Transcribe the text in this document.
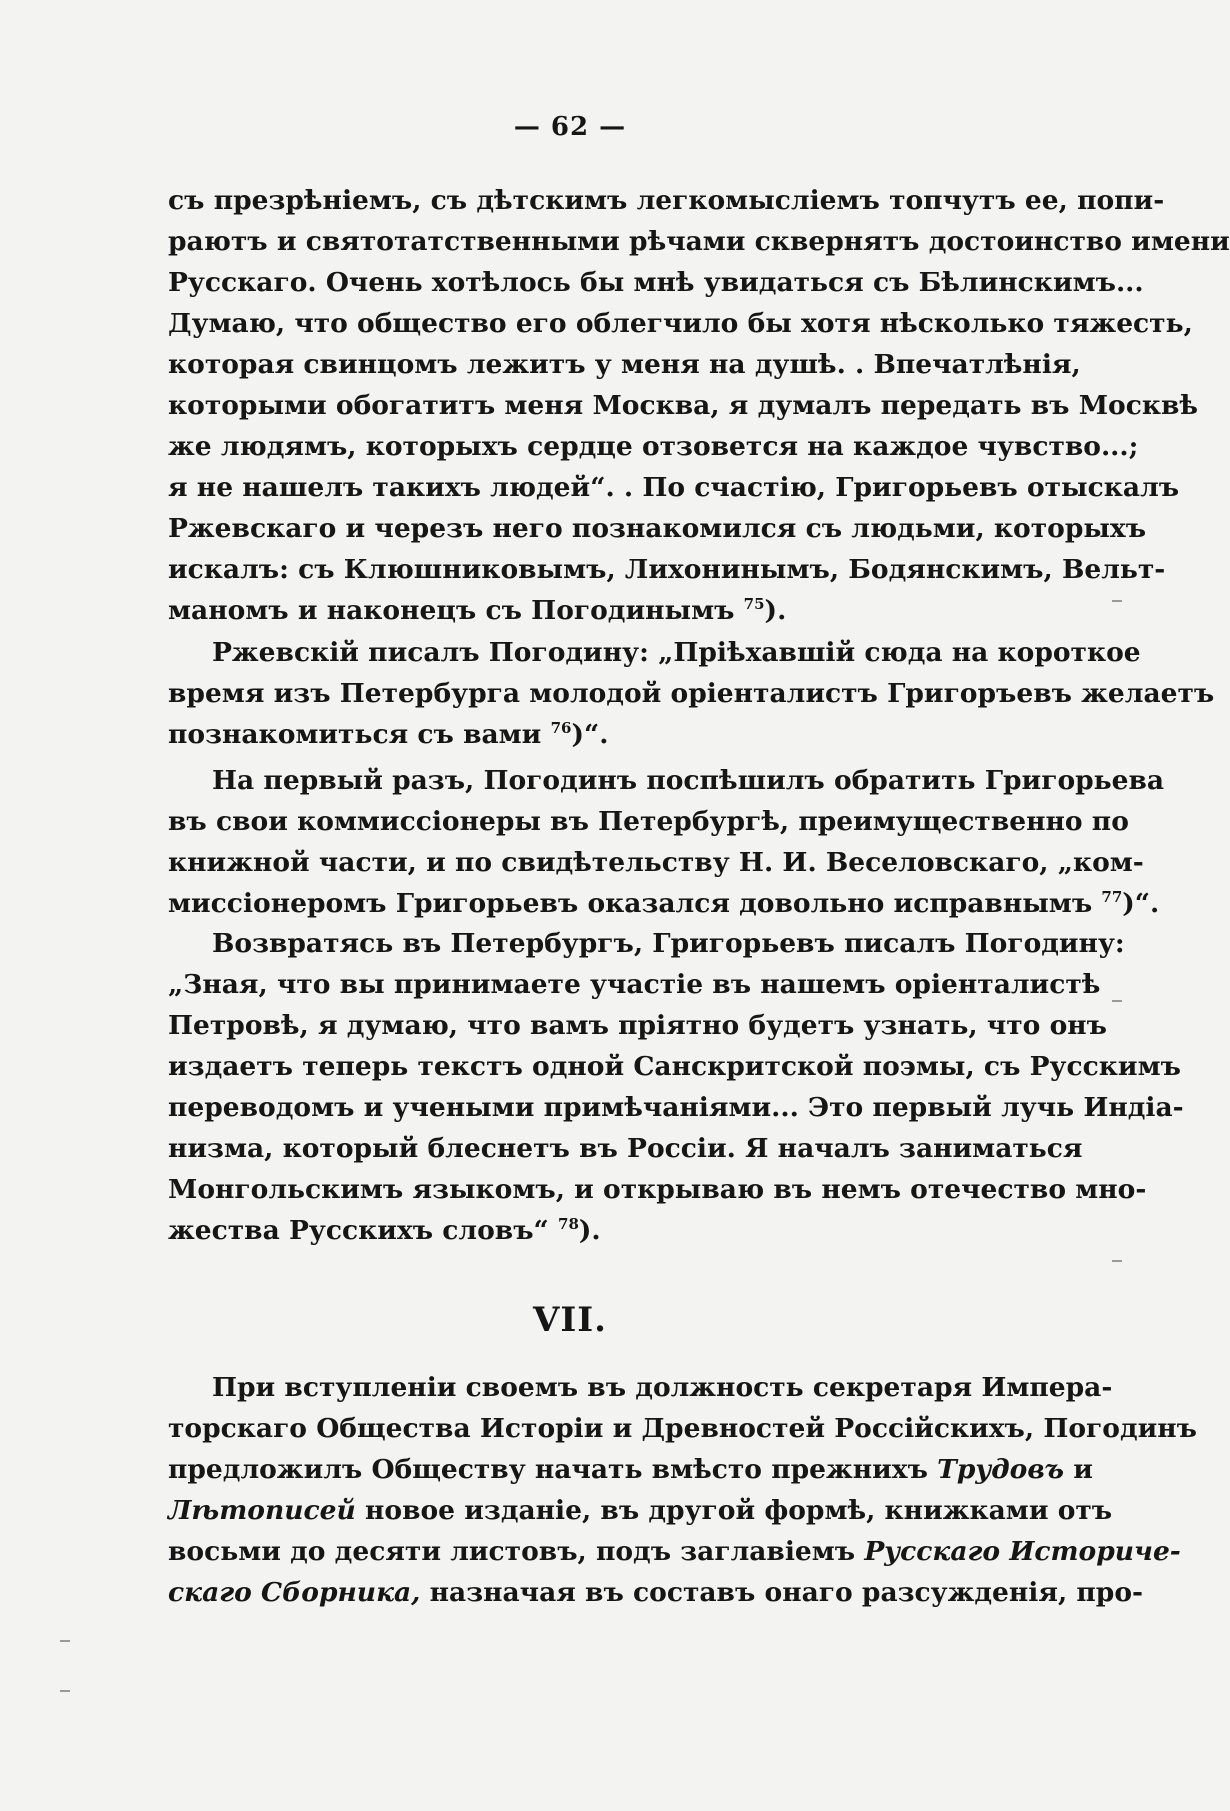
— 62 —
съ презрѣніемъ, съ дѣтскимъ легкомысліемъ топчутъ ее, попи-
раютъ и святотатственными рѣчами сквернятъ достоинство имени
Русскаго. Очень хотѣлось бы мнѣ увидаться съ Бѣлинскимъ...
Думаю, что общество его облегчило бы хотя нѣсколько тяжесть,
которая свинцомъ лежитъ у меня на душѣ. . Впечатлѣнія,
которыми обогатитъ меня Москва, я думалъ передать въ Москвѣ
же людямъ, которыхъ сердце отзовется на каждое чувство...;
я не нашелъ такихъ людей“. . По счастію, Григорьевъ отыскалъ
Ржевскаго и черезъ него познакомился съ людьми, которыхъ
искалъ: съ Клюшниковымъ, Лихонинымъ, Бодянскимъ, Вельт-
маномъ и наконецъ съ Погодинымъ $^{75}$).
Ржевскій писалъ Погодину: „Пріѣхавшій сюда на короткое
время изъ Петербурга молодой оріенталистъ Григоръевъ желаетъ
познакомиться съ вами $^{76}$)“.
На первый разъ, Погодинъ поспѣшилъ обратить Григорьева
въ свои коммиссіонеры въ Петербургѣ, преимущественно по
книжной части, и по свидѣтельству Н. И. Веселовскаго, „ком-
миссіонеромъ Григорьевъ оказался довольно исправнымъ $^{77}$)“.
Возвратясь въ Петербургъ, Григорьевъ писалъ Погодину:
„Зная, что вы принимаете участіе въ нашемъ оріенталистѣ
Петровѣ, я думаю, что вамъ пріятно будетъ узнать, что онъ
издаетъ теперь текстъ одной Санскритской поэмы, съ Русскимъ
переводомъ и учеными примѣчаніями... Это первый лучь Индіа-
низма, который блеснетъ въ Россіи. Я началъ заниматься
Монгольскимъ языкомъ, и открываю въ немъ отечество мно-
жества Русскихъ словъ“ $^{78}$).
VII.
При вступленіи своемъ въ должность секретаря Импера-
торскаго Общества Исторіи и Древностей Россійскихъ, Погодинъ
предложилъ Обществу начать вмѣсто прежнихъ Трудовъ и
Лѣтописей новое изданіе, въ другой формѣ, книжками отъ
восьми до десяти листовъ, подъ заглавіемъ Русскаго Историче-
скаго Сборника, назначая въ составъ онаго разсужденія, про-
